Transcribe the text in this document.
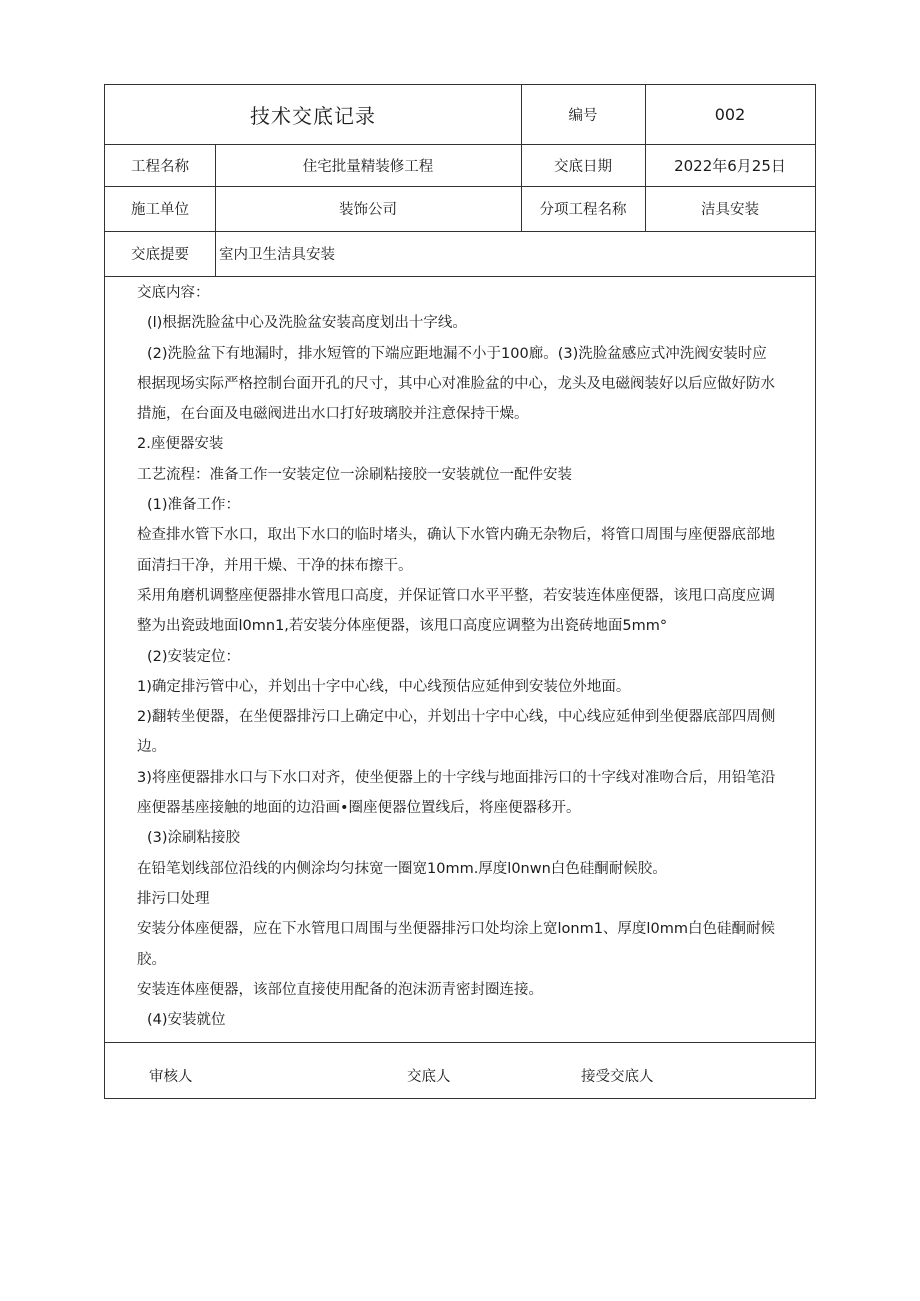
技术交底记录	编号	002
工程名称	住宅批量精装修工程	交底日期	2022年6月25日
施工单位	装饰公司	分项工程名称	洁具安装
交底提要	室内卫生洁具安装
交底内容：
(l)根据洗脸盆中心及洗脸盆安装高度划出十字线。
(2)洗脸盆下有地漏时，排水短管的下端应距地漏不小于100廊。(3)洗脸盆感应式冲洗阀安装时应
根据现场实际严格控制台面开孔的尺寸，其中心对准脸盆的中心，龙头及电磁阀装好以后应做好防水
措施，在台面及电磁阀进出水口打好玻璃胶并注意保持干燥。
2.座便器安装
工艺流程：准备工作一安装定位一涂刷粘接胶一安装就位一配件安装
(1)准备工作：
检查排水管下水口，取出下水口的临时堵头，确认下水管内确无杂物后，将管口周围与座便器底部地
面清扫干净，并用干燥、干净的抹布擦干。
采用角磨机调整座便器排水管甩口高度，并保证管口水平平整，若安装连体座便器，该甩口高度应调
整为出瓷豉地面l0mn1,若安装分体座便器，该甩口高度应调整为出瓷砖地面5mm°
(2)安装定位：
1)确定排污管中心，并划出十字中心线，中心线预估应延伸到安装位外地面。
2)翻转坐便器，在坐便器排污口上确定中心，并划出十字中心线，中心线应延伸到坐便器底部四周侧
边。
3)将座便器排水口与下水口对齐，使坐便器上的十字线与地面排污口的十字线对准吻合后，用铅笔沿
座便器基座接触的地面的边沿画•圈座便器位置线后，将座便器移开。
(3)涂刷粘接胶
在铅笔划线部位沿线的内侧涂均匀抹宽一圈宽10mm.厚度l0nwn白色硅酮耐候胶。
排污口处理
安装分体座便器，应在下水管甩口周围与坐便器排污口处均涂上宽lonm1、厚度l0mm白色硅酮耐候
胶。
安装连体座便器，该部位直接使用配备的泡沫沥青密封圈连接。
(4)安装就位
审核人	交底人	接受交底人
